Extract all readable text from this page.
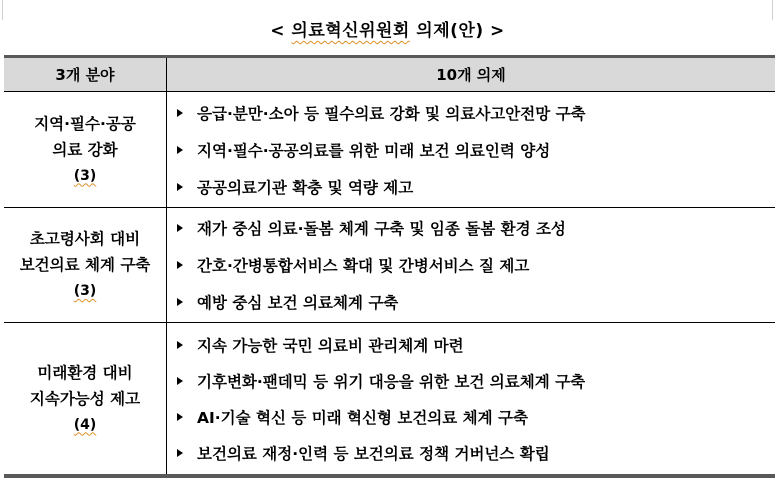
< 의료혁신위원회 의제(안) >
3개 분야	10개 의제
지역·필수·공공
의료 강화
(3)

응급·분만·소아 등 필수의료 강화 및 의료사고안전망 구축
지역·필수·공공의료를 위한 미래 보건 의료인력 양성
공공의료기관 확충 및 역량 제고

초고령사회 대비
보건의료 체계 구축
(3)

재가 중심 의료·돌봄 체계 구축 및 임종 돌봄 환경 조성
간호·간병통합서비스 확대 및 간병서비스 질 제고
예방 중심 보건 의료체계 구축

미래환경 대비
지속가능성 제고
(4)

지속 가능한 국민 의료비 관리체계 마련
기후변화·팬데믹 등 위기 대응을 위한 보건 의료체계 구축
AI·기술 혁신 등 미래 혁신형 보건의료 체계 구축
보건의료 재정·인력 등 보건의료 정책 거버넌스 확립
